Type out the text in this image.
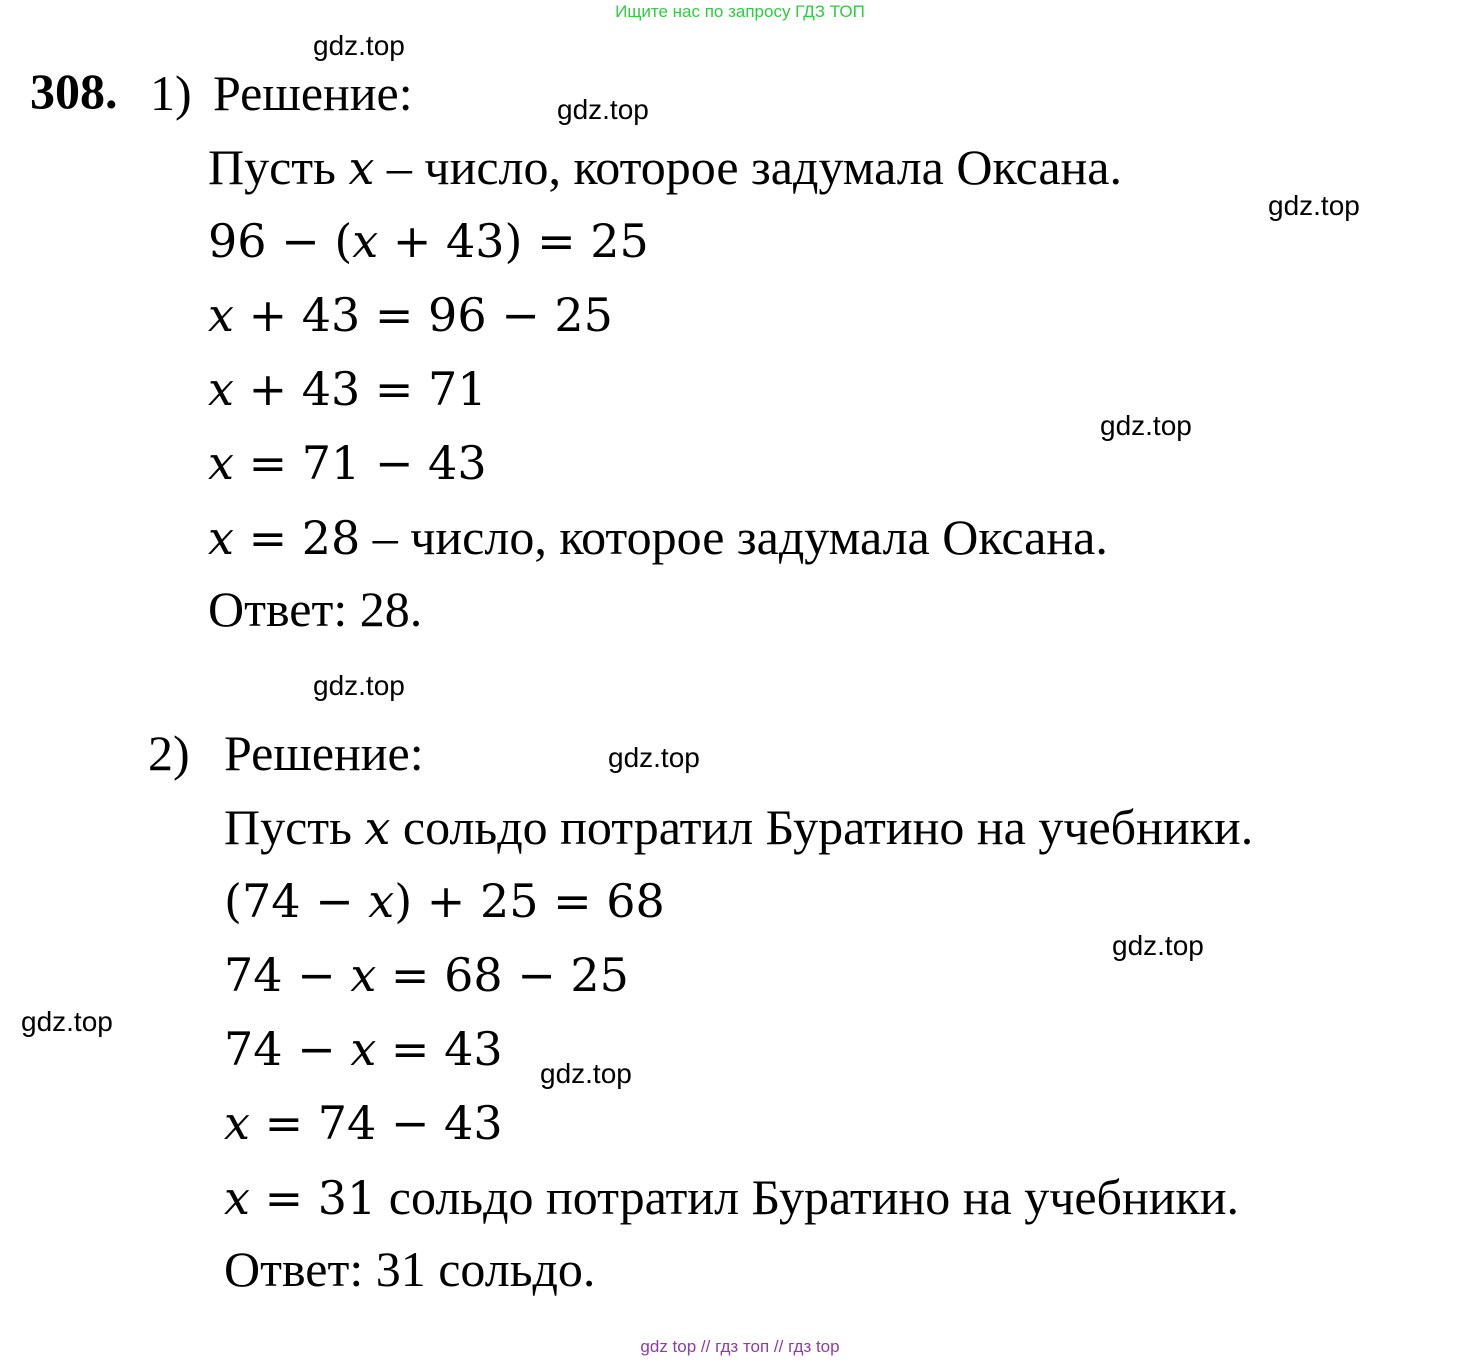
Ищите нас по запросу ГДЗ ТОП
gdz.top
gdz.top
gdz.top
gdz.top
gdz.top
gdz.top
gdz.top
gdz.top
gdz.top
308. 1) Решение:
Пусть x – число, которое задумала Оксана.
96 − (x + 43) = 25
x + 43 = 96 − 25
x + 43 = 71
x = 71 − 43
x = 28 – число, которое задумала Оксана.
Ответ: 28.
2) Решение:
Пусть x сольдо потратил Буратино на учебники.
(74 − x) + 25 = 68
74 − x = 68 − 25
74 − x = 43
x = 74 − 43
x = 31 сольдо потратил Буратино на учебники.
Ответ: 31 сольдо.
gdz top // гдз топ // гдз top
